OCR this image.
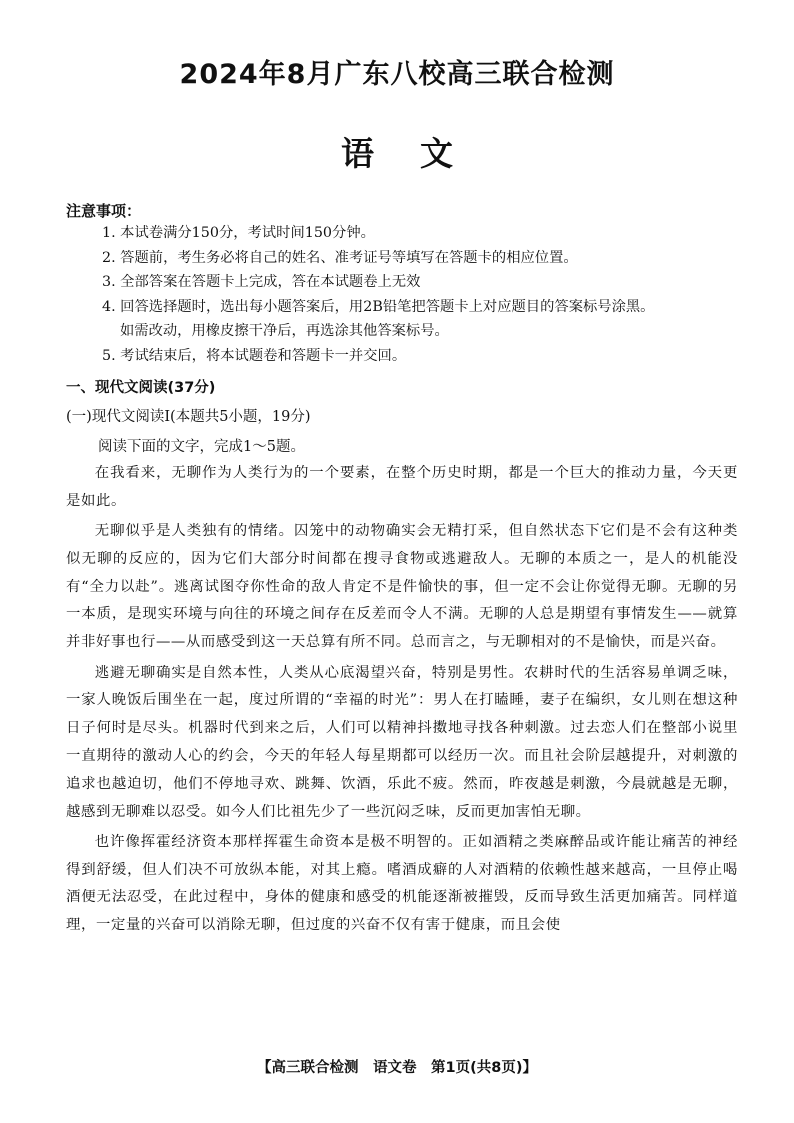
2024年8月广东八校高三联合检测
语文
注意事项：
1. 本试卷满分150分，考试时间150分钟。
2. 答题前，考生务必将自己的姓名、准考证号等填写在答题卡的相应位置。
3. 全部答案在答题卡上完成，答在本试题卷上无效
4. 回答选择题时，选出每小题答案后，用2B铅笔把答题卡上对应题目的答案标号涂黑。
如需改动，用橡皮擦干净后，再选涂其他答案标号。
5. 考试结束后，将本试题卷和答题卡一并交回。
一、现代文阅读(37分)
(一)现代文阅读Ⅰ(本题共5小题，19分)
阅读下面的文字，完成1～5题。

在我看来，无聊作为人类行为的一个要素，在整个历史时期，都是一个巨大的推动力量，今天更是如此。

无聊似乎是人类独有的情绪。囚笼中的动物确实会无精打采，但自然状态下它们是不会有这种类似无聊的反应的，因为它们大部分时间都在搜寻食物或逃避敌人。无聊的本质之一，是人的机能没有“全力以赴”。逃离试图夺你性命的敌人肯定不是件愉快的事，但一定不会让你觉得无聊。无聊的另一本质，是现实环境与向往的环境之间存在反差而令人不满。无聊的人总是期望有事情发生——就算并非好事也行——从而感受到这一天总算有所不同。总而言之，与无聊相对的不是愉快，而是兴奋。

逃避无聊确实是自然本性，人类从心底渴望兴奋，特别是男性。农耕时代的生活容易单调乏味，一家人晚饭后围坐在一起，度过所谓的“幸福的时光”：男人在打瞌睡，妻子在编织，女儿则在想这种日子何时是尽头。机器时代到来之后，人们可以精神抖擞地寻找各种刺激。过去恋人们在整部小说里一直期待的激动人心的约会，今天的年轻人每星期都可以经历一次。而且社会阶层越提升，对刺激的追求也越迫切，他们不停地寻欢、跳舞、饮酒，乐此不疲。然而，昨夜越是刺激，今晨就越是无聊，越感到无聊难以忍受。如今人们比祖先少了一些沉闷乏味，反而更加害怕无聊。

也许像挥霍经济资本那样挥霍生命资本是极不明智的。正如酒精之类麻醉品或许能让痛苦的神经得到舒缓，但人们决不可放纵本能，对其上瘾。嗜酒成癖的人对酒精的依赖性越来越高，一旦停止喝酒便无法忍受，在此过程中，身体的健康和感受的机能逐渐被摧毁，反而导致生活更加痛苦。同样道理，一定量的兴奋可以消除无聊，但过度的兴奋不仅有害于健康，而且会使

【高三联合检测　语文卷　第1页(共8页)】
